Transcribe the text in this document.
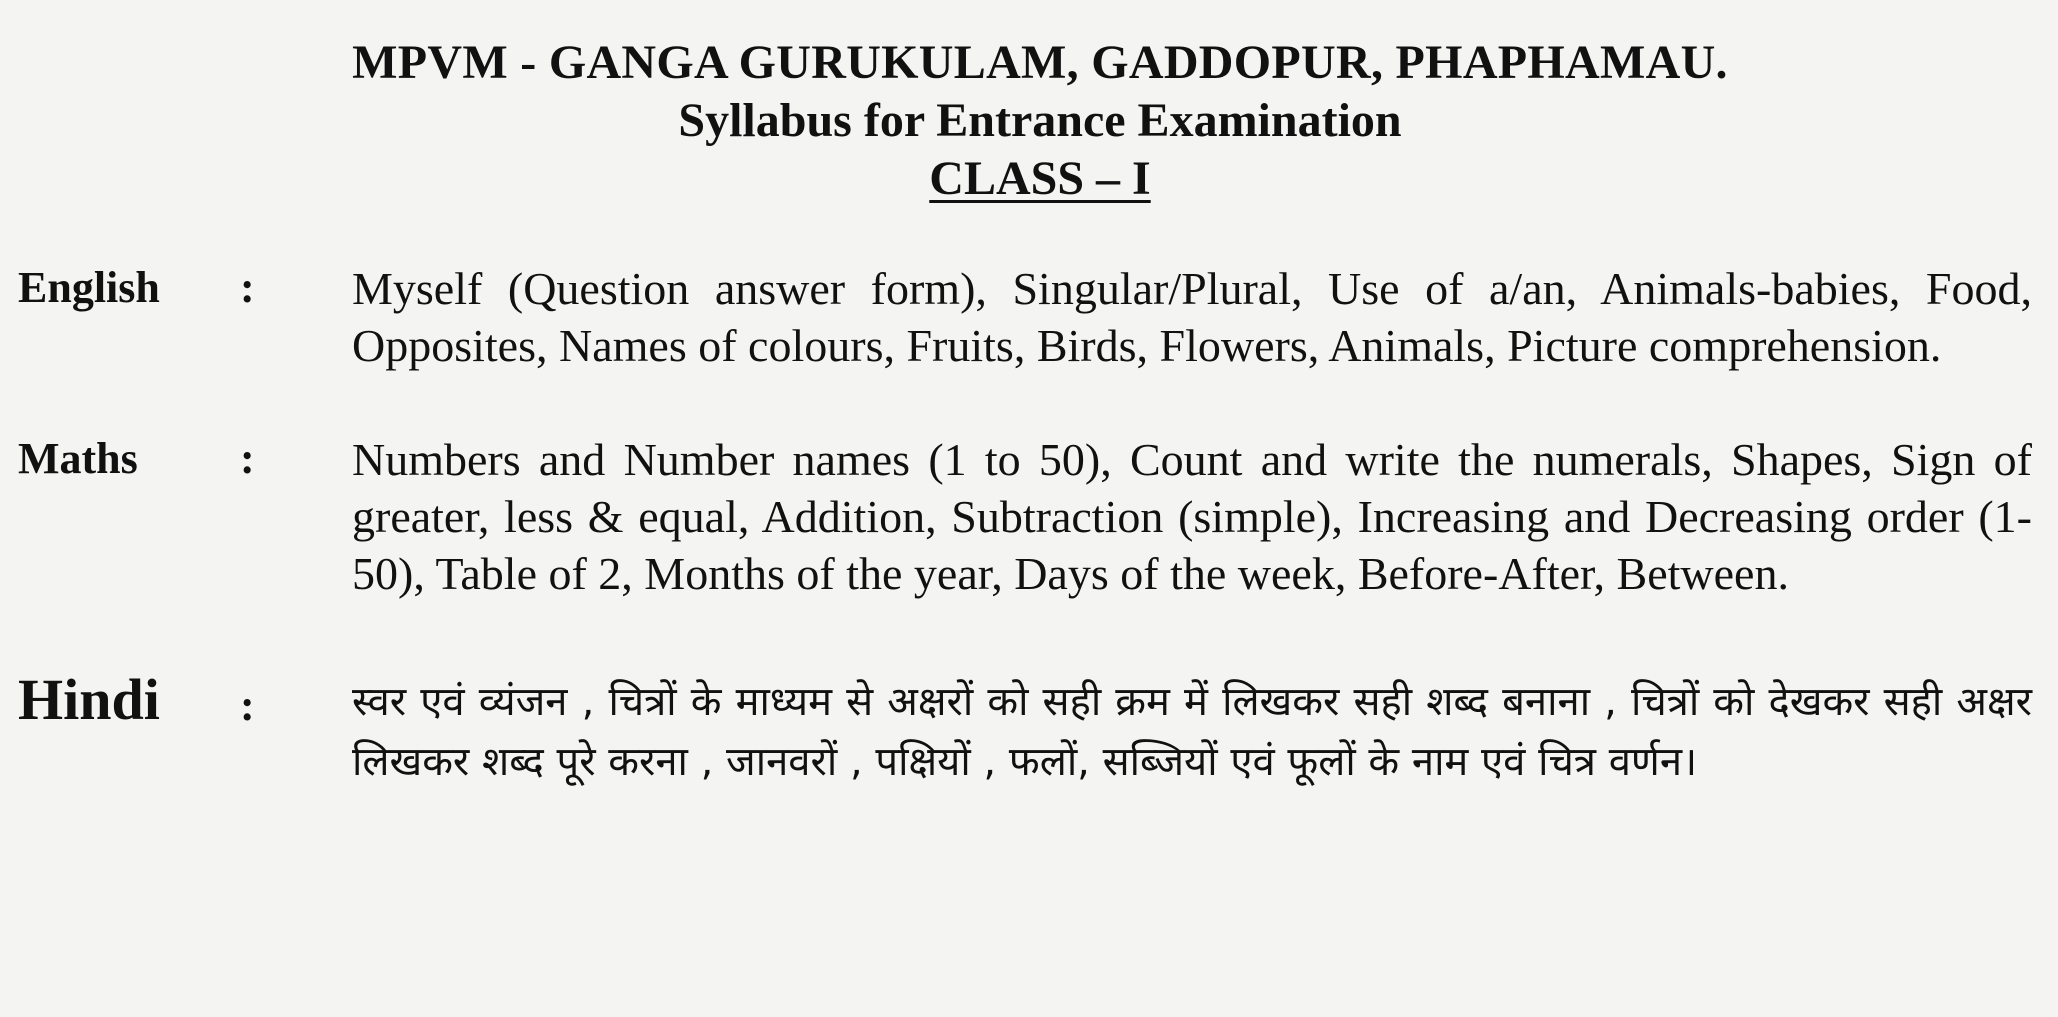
MPVM - GANGA GURUKULAM, GADDOPUR, PHAPHAMAU.
Syllabus for Entrance Examination
CLASS – I
English	:	Myself (Question answer form), Singular/Plural, Use of a/an, Animals-babies, Food, Opposites, Names of colours, Fruits, Birds, Flowers, Animals, Picture comprehension.
Maths	:	Numbers and Number names (1 to 50), Count and write the numerals, Shapes, Sign of greater, less & equal, Addition, Subtraction (simple), Increasing and Decreasing order (1-50), Table of 2, Months of the year, Days of the week, Before-After, Between.
Hindi	:	स्वर एवं व्यंजन , चित्रों के माध्यम से अक्षरों को सही क्रम में लिखकर सही शब्द बनाना , चित्रों को देखकर सही अक्षर लिखकर शब्द पूरे करना , जानवरों , पक्षियों , फलों, सब्जियों एवं फूलों के नाम एवं चित्र वर्णन।
